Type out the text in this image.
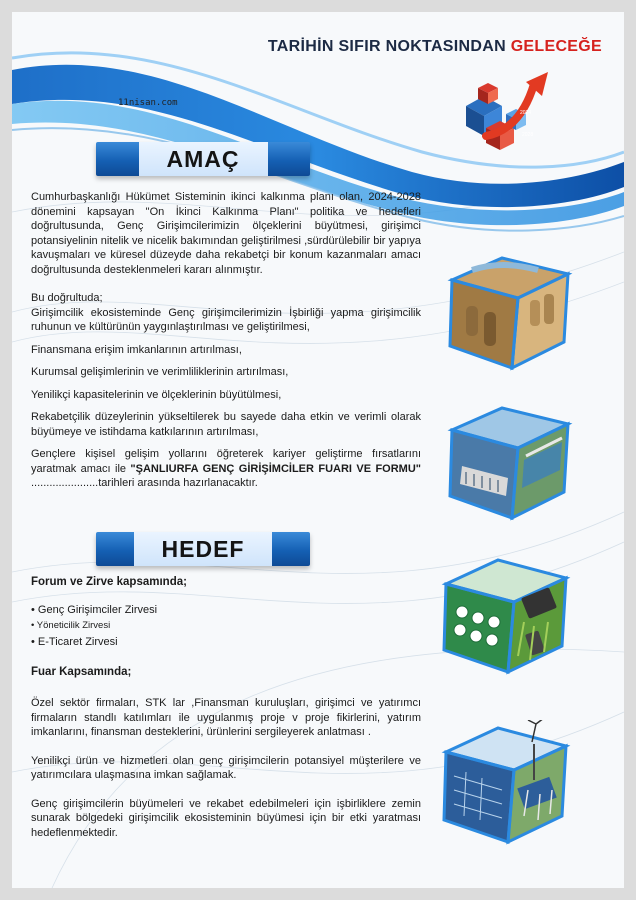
TARİHİN SIFIR NOKTASINDAN GELECEĞE
11nisan.com
2024
2028
AMAÇ

Cumhurbaşkanlığı Hükümet Sisteminin ikinci kalkınma planı olan, 2024-2028 dönemini kapsayan "On İkinci Kalkınma Planı" politika ve hedefleri doğrultusunda, Genç Girişimcilerimizin ölçeklerini büyütmesi, girişimci potansiyelinin nitelik ve nicelik bakımından geliştirilmesi ,sürdürülebilir bir yapıya kavuşmaları ve küresel düzeyde daha rekabetçi bir konum kazanmaları amacı doğrultusunda desteklenmeleri kararı alınmıştır.

Bu doğrultuda;

Girişimcilik ekosisteminde Genç girişimcilerimizin İşbirliği yapma girişimcilik ruhunun ve kültürünün yaygınlaştırılması ve geliştirilmesi,

Finansmana erişim imkanlarının artırılması,

Kurumsal gelişimlerinin ve verimliliklerinin artırılması,

Yenilikçi kapasitelerinin ve ölçeklerinin büyütülmesi,

Rekabetçilik düzeylerinin yükseltilerek bu sayede daha etkin ve verimli olarak büyümeye ve istihdama katkılarının artırılması,

Gençlere kişisel gelişim yollarını öğreterek kariyer geliştirme fırsatlarını yaratmak amacı ile "ŞANLIURFA GENÇ GİRİŞİMCİLER FUARI VE FORMU" ......................tarihleri arasında hazırlanacaktır.

HEDEF
Forum ve Zirve kapsamında;
• Genç Girişimciler Zirvesi
• Yöneticilik Zirvesi
• E-Ticaret Zirvesi
Fuar Kapsamında;

Özel sektör firmaları, STK lar ,Finansman kuruluşları, girişimci ve yatırımcı firmaların standlı katılımları ile uygulanmış proje v proje fikirlerini, yatırım imkanlarını, finansman desteklerini, ürünlerini sergileyerek anlatması .

Yenilikçi ürün ve hizmetleri olan genç girişimcilerin potansiyel müşterilere ve yatırımcılara ulaşmasına imkan sağlamak.

Genç girişimcilerin büyümeleri ve rekabet edebilmeleri için işbirliklere zemin sunarak bölgedeki girişimcilik ekosisteminin büyümesi için bir etki yaratması hedeflenmektedir.
